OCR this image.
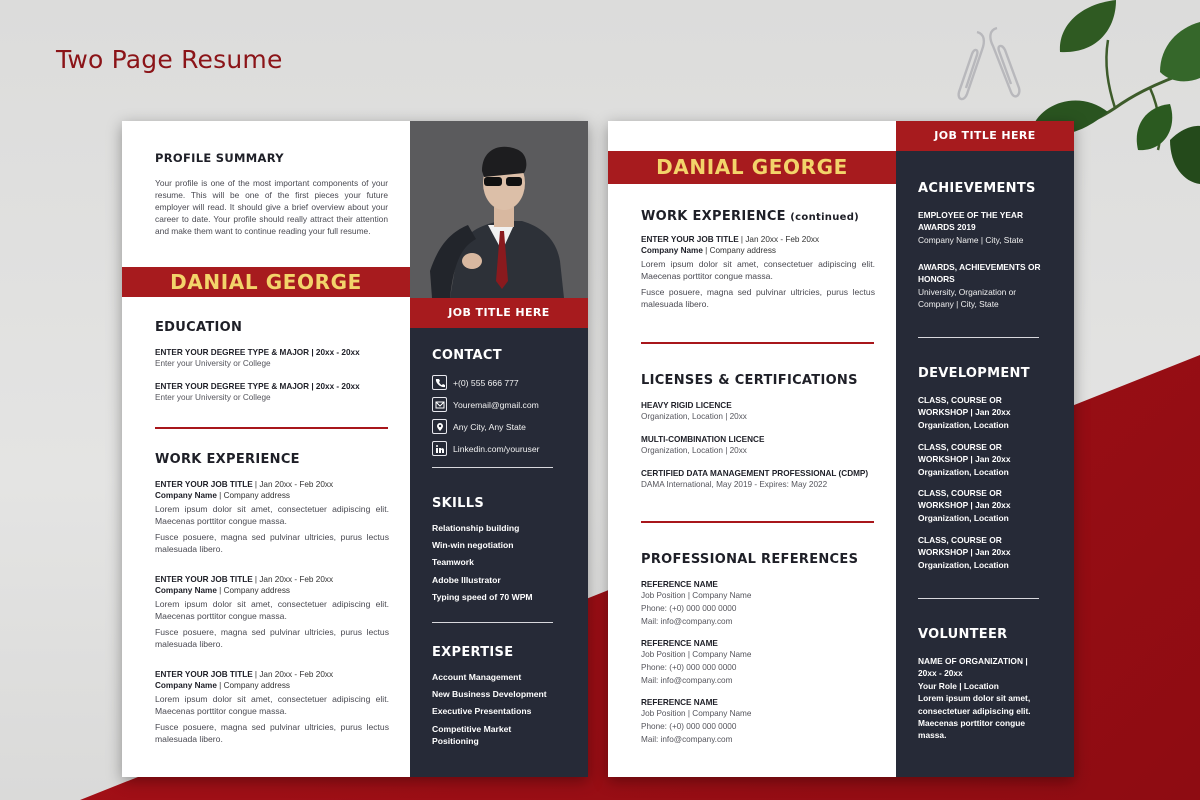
Two Page Resume
PROFILE SUMMARY
Your profile is one of the most important components of your resume. This will be one of the first pieces your future employer will read. It should give a brief overview about your career to date. Your profile should really attract their attention and make them want to continue reading your full resume.
DANIAL GEORGE
EDUCATION
ENTER YOUR DEGREE TYPE & MAJOR | 20xx - 20xx
Enter your University or College
ENTER YOUR DEGREE TYPE & MAJOR | 20xx - 20xx
Enter your University or College
WORK EXPERIENCE
ENTER YOUR JOB TITLE | Jan 20xx - Feb 20xx
Company Name | Company address
Lorem ipsum dolor sit amet, consectetuer adipiscing elit. Maecenas porttitor congue massa.
Fusce posuere, magna sed pulvinar ultricies, purus lectus malesuada libero.
ENTER YOUR JOB TITLE | Jan 20xx - Feb 20xx
Company Name | Company address
Lorem ipsum dolor sit amet, consectetuer adipiscing elit. Maecenas porttitor congue massa.
Fusce posuere, magna sed pulvinar ultricies, purus lectus malesuada libero.
ENTER YOUR JOB TITLE | Jan 20xx - Feb 20xx
Company Name | Company address
Lorem ipsum dolor sit amet, consectetuer adipiscing elit. Maecenas porttitor congue massa.
Fusce posuere, magna sed pulvinar ultricies, purus lectus malesuada libero.
JOB TITLE HERE
CONTACT
+(0) 555 666 777
Youremail@gmail.com
Any City, Any State
Linkedin.com/youruser
SKILLS
Relationship building
Win-win negotiation
Teamwork
Adobe Illustrator
Typing speed of 70 WPM
EXPERTISE
Account Management
New Business Development
Executive Presentations
Competitive Market
Positioning
DANIAL GEORGE
WORK EXPERIENCE (continued)
ENTER YOUR JOB TITLE | Jan 20xx - Feb 20xx
Company Name | Company address
Lorem ipsum dolor sit amet, consectetuer adipiscing elit. Maecenas porttitor congue massa.
Fusce posuere, magna sed pulvinar ultricies, purus lectus malesuada libero.
LICENSES & CERTIFICATIONS
HEAVY RIGID LICENCE
Organization, Location | 20xx
MULTI-COMBINATION LICENCE
Organization, Location | 20xx
CERTIFIED DATA MANAGEMENT PROFESSIONAL (CDMP)
DAMA International, May 2019 - Expires: May 2022
PROFESSIONAL REFERENCES
REFERENCE NAME
Job Position | Company Name
Phone: (+0) 000 000 0000
Mail: info@company.com
REFERENCE NAME
Job Position | Company Name
Phone: (+0) 000 000 0000
Mail: info@company.com
REFERENCE NAME
Job Position | Company Name
Phone: (+0) 000 000 0000
Mail: info@company.com
JOB TITLE HERE
ACHIEVEMENTS
EMPLOYEE OF THE YEAR
AWARDS 2019
Company Name | City, State
AWARDS, ACHIEVEMENTS OR
HONORS
University, Organization or Company | City, State
DEVELOPMENT
CLASS, COURSE OR
WORKSHOP | Jan 20xx
Organization, Location
CLASS, COURSE OR
WORKSHOP | Jan 20xx
Organization, Location
CLASS, COURSE OR
WORKSHOP | Jan 20xx
Organization, Location
CLASS, COURSE OR
WORKSHOP | Jan 20xx
Organization, Location
VOLUNTEER
NAME OF ORGANIZATION |
20xx - 20xx
Your Role | Location
Lorem ipsum dolor sit amet, consectetuer adipiscing elit. Maecenas porttitor congue massa.
